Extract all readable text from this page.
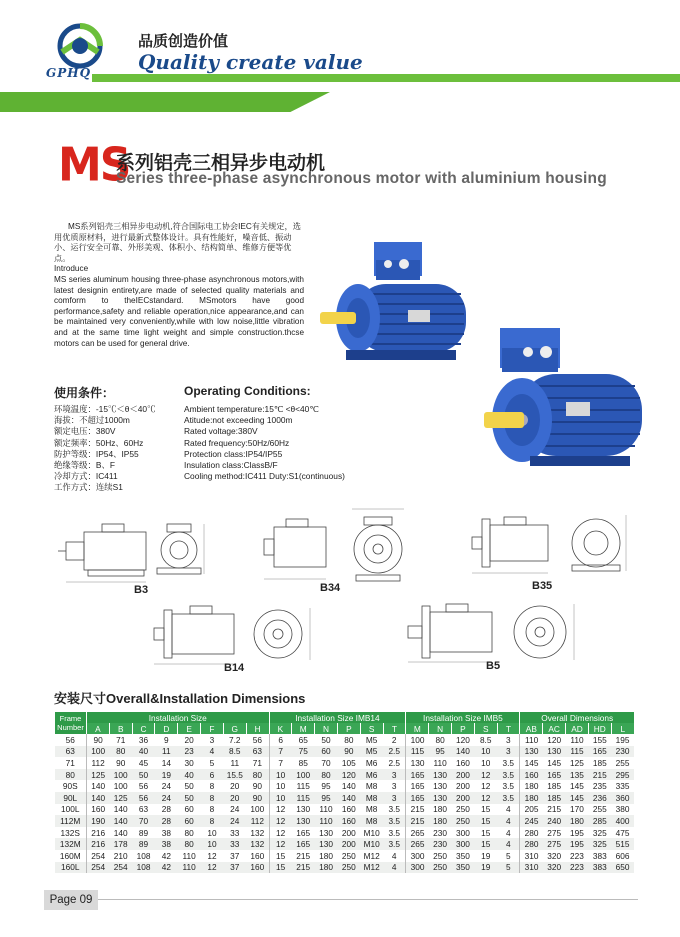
GPHQ
品质创造价值
Quality create value
MS
系列铝壳三相异步电动机
Series three-phase asynchronous motor with aluminium housing

MS系列铝壳三相异步电动机,符合国际电工协会IEC有关规定，选用优质原材料，进行最新式整体设计。具有性能好，噪音低、振动小、运行安全可靠、外形美观、体积小、结构简单、维修方便等优点。

Introduce

MS series aluminum housing three-phase asynchronous motors,with latest designin entirety,are made of selected quality materials and comform to theIECstandard. MSmotors have good performance,safety and reliable operation,nice appearance,and can be maintained very conveniently,while with low noise,little vibration and at the same time light weight and simple construction.thcse motors can be used for general drive.

使用条件：	Operating Conditions:
环境温度：-15℃＜θ＜40℃
海拔：不超过1000m
额定电压：380V
额定频率：50Hz、60Hz
防护等级：IP54、IP55
绝缘等级：B、F
冷却方式：IC411
工作方式：连续S1
Ambient temperature:15℃ <θ<40℃
Atitude:not exceeding 1000m
Rated voltage:380V
Rated frequency:50Hz/60Hz
Protection class:IP54/IP55
Insulation class:ClassB/F
Cooling method:IC411 Duty:S1(continuous)
B3	B34	B35
B14	B5
安装尺寸Overall&Installation Dimensions
Frame Number	Installation Size								Installation Size IMB14						Installation Size IMB5					Overall Dimensions				
	A	B	C	D	E	F	G	H	K	M	N	P	S	T	M	N	P	S	T	AB	AC	AD	HD	L
56	90	71	36	9	20	3	7.2	56	6	65	50	80	M5	2	100	80	120	8.5	3	110	120	110	155	195
63	100	80	40	11	23	4	8.5	63	7	75	60	90	M5	2.5	115	95	140	10	3	130	130	115	165	230
71	112	90	45	14	30	5	11	71	7	85	70	105	M6	2.5	130	110	160	10	3.5	145	145	125	185	255
80	125	100	50	19	40	6	15.5	80	10	100	80	120	M6	3	165	130	200	12	3.5	160	165	135	215	295
90S	140	100	56	24	50	8	20	90	10	115	95	140	M8	3	165	130	200	12	3.5	180	185	145	235	335
90L	140	125	56	24	50	8	20	90	10	115	95	140	M8	3	165	130	200	12	3.5	180	185	145	236	360
100L	160	140	63	28	60	8	24	100	12	130	110	160	M8	3.5	215	180	250	15	4	205	215	170	255	380
112M	190	140	70	28	60	8	24	112	12	130	110	160	M8	3.5	215	180	250	15	4	245	240	180	285	400
132S	216	140	89	38	80	10	33	132	12	165	130	200	M10	3.5	265	230	300	15	4	280	275	195	325	475
132M	216	178	89	38	80	10	33	132	12	165	130	200	M10	3.5	265	230	300	15	4	280	275	195	325	515
160M	254	210	108	42	110	12	37	160	15	215	180	250	M12	4	300	250	350	19	5	310	320	223	383	606
160L	254	254	108	42	110	12	37	160	15	215	180	250	M12	4	300	250	350	19	5	310	320	223	383	650
Page 09
